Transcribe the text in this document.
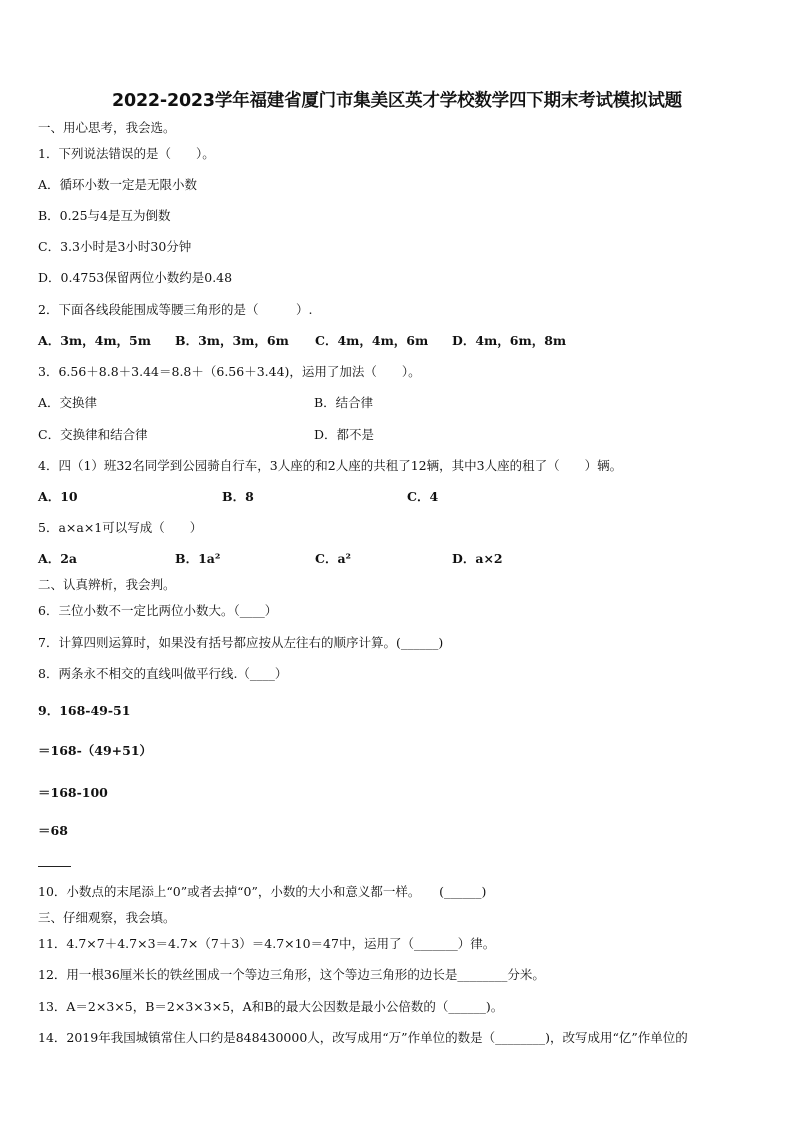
2022-2023学年福建省厦门市集美区英才学校数学四下期末考试模拟试题
一、用心思考，我会选。
1．下列说法错误的是（　　）。
A．循环小数一定是无限小数
B．0.25与4是互为倒数
C．3.3小时是3小时30分钟
D．0.4753保留两位小数约是0.48
2．下面各线段能围成等腰三角形的是（　　　）.
A．3m，4m，5m B．3m，3m，6m C．4m，4m，6m D．4m，6m，8m
3．6.56＋8.8＋3.44＝8.8＋（6.56＋3.44)，运用了加法（　　）。
A．交换律	B．结合律
C．交换律和结合律	D．都不是
4．四（1）班32名同学到公园骑自行车，3人座的和2人座的共租了12辆，其中3人座的租了（　　）辆。
A．10	B．8	C．4
5．a×a×1可以写成（　　）
A．2a	B．1a²	C．a²	D．a×2
二、认真辨析，我会判。
6．三位小数不一定比两位小数大。（____）
7．计算四则运算时，如果没有括号都应按从左往右的顺序计算。(______)
8．两条永不相交的直线叫做平行线.（____）
9．168-49-51
＝168-（49+51）
＝168-100
＝68
10．小数点的末尾添上“0”或者去掉“0”，小数的大小和意义都一样。　　(______)
三、仔细观察，我会填。
11．4.7×7＋4.7×3＝4.7×（7＋3）＝4.7×10＝47中，运用了（_______）律。
12．用一根36厘米长的铁丝围成一个等边三角形，这个等边三角形的边长是________分米。
13．A＝2×3×5，B＝2×3×3×5，A和B的最大公因数是最小公倍数的（______)。
14．2019年我国城镇常住人口约是848430000人，改写成用“万”作单位的数是（________)，改写成用“亿”作单位的
